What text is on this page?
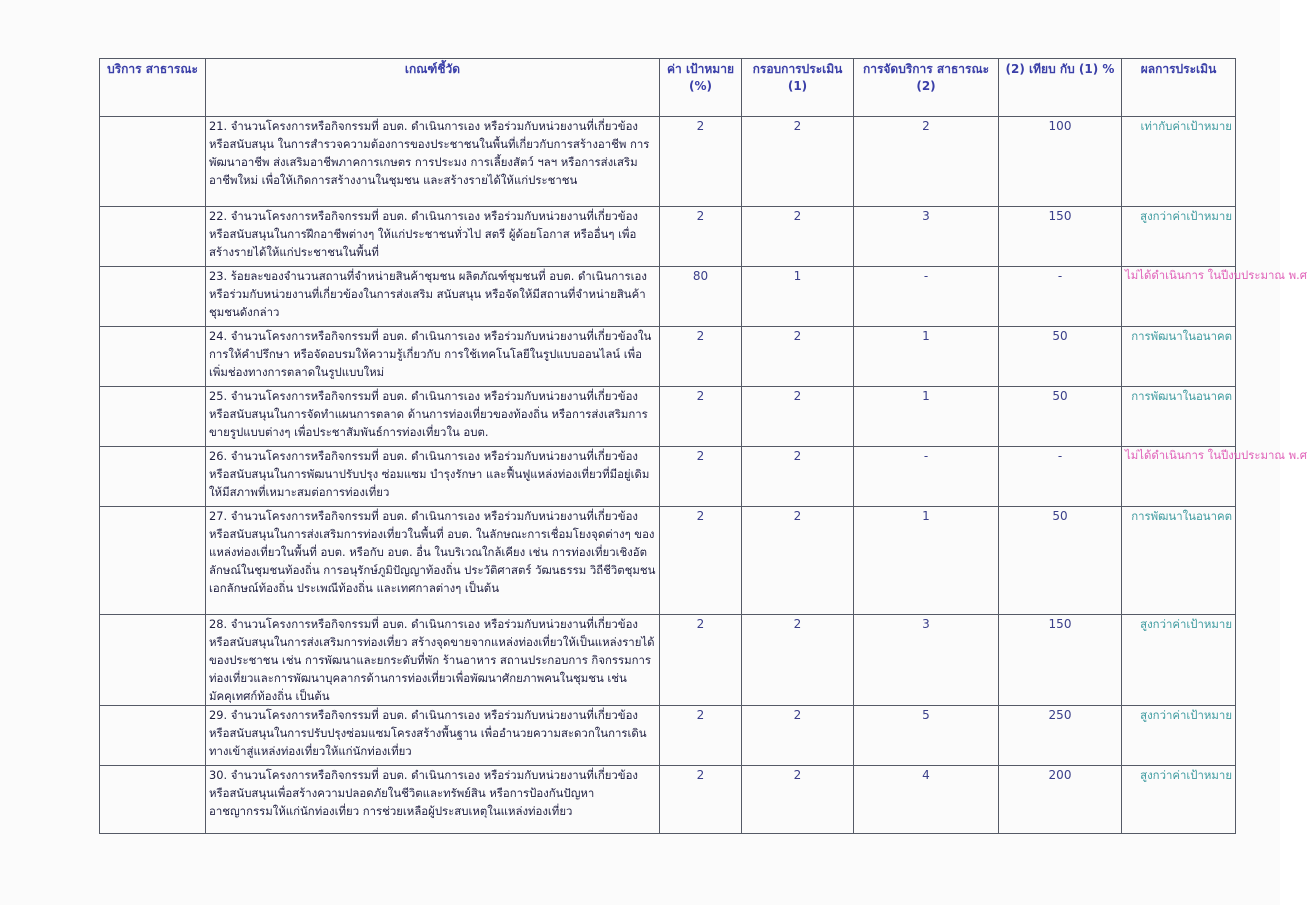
บริการ สาธารณะ	เกณฑ์ชี้วัด	ค่า เป้าหมาย (%)	กรอบการประเมิน (1)	การจัดบริการ สาธารณะ (2)	(2) เทียบ กับ (1) %	ผลการประเมิน
	21. จำนวนโครงการหรือกิจกรรมที่ อบต. ดำเนินการเอง หรือร่วมกับหน่วยงานที่เกี่ยวข้อง หรือสนับสนุน ในการสำรวจความต้องการของประชาชนในพื้นที่เกี่ยวกับการสร้างอาชีพ การพัฒนาอาชีพ ส่งเสริมอาชีพภาคการเกษตร การประมง การเลี้ยงสัตว์ ฯลฯ หรือการส่งเสริมอาชีพใหม่ เพื่อให้เกิดการสร้างงานในชุมชน และสร้างรายได้ให้แก่ประชาชน	2	2	2	100	เท่ากับค่าเป้าหมาย
	22. จำนวนโครงการหรือกิจกรรมที่ อบต. ดำเนินการเอง หรือร่วมกับหน่วยงานที่เกี่ยวข้อง หรือสนับสนุนในการฝึกอาชีพต่างๆ ให้แก่ประชาชนทั่วไป สตรี ผู้ด้อยโอกาส หรืออื่นๆ เพื่อสร้างรายได้ให้แก่ประชาชนในพื้นที่	2	2	3	150	สูงกว่าค่าเป้าหมาย
	23. ร้อยละของจำนวนสถานที่จำหน่ายสินค้าชุมชน ผลิตภัณฑ์ชุมชนที่ อบต. ดำเนินการเอง หรือร่วมกับหน่วยงานที่เกี่ยวข้องในการส่งเสริม สนับสนุน หรือจัดให้มีสถานที่จำหน่ายสินค้าชุมชนดังกล่าว	80	1	-	-	ไม่ได้ดำเนินการ ในปีงบประมาณ พ.ศ
	24. จำนวนโครงการหรือกิจกรรมที่ อบต. ดำเนินการเอง หรือร่วมกับหน่วยงานที่เกี่ยวข้องในการให้คำปรึกษา หรือจัดอบรมให้ความรู้เกี่ยวกับ การใช้เทคโนโลยีในรูปแบบออนไลน์ เพื่อเพิ่มช่องทางการตลาดในรูปแบบใหม่	2	2	1	50	การพัฒนาในอนาคต
	25. จำนวนโครงการหรือกิจกรรมที่ อบต. ดำเนินการเอง หรือร่วมกับหน่วยงานที่เกี่ยวข้อง หรือสนับสนุนในการจัดทำแผนการตลาด ด้านการท่องเที่ยวของท้องถิ่น หรือการส่งเสริมการขายรูปแบบต่างๆ เพื่อประชาสัมพันธ์การท่องเที่ยวใน อบต.	2	2	1	50	การพัฒนาในอนาคต
	26. จำนวนโครงการหรือกิจกรรมที่ อบต. ดำเนินการเอง หรือร่วมกับหน่วยงานที่เกี่ยวข้อง หรือสนับสนุนในการพัฒนาปรับปรุง ซ่อมแซม บำรุงรักษา และฟื้นฟูแหล่งท่องเที่ยวที่มีอยู่เดิมให้มีสภาพที่เหมาะสมต่อการท่องเที่ยว	2	2	-	-	ไม่ได้ดำเนินการ ในปีงบประมาณ พ.ศ
	27. จำนวนโครงการหรือกิจกรรมที่ อบต. ดำเนินการเอง หรือร่วมกับหน่วยงานที่เกี่ยวข้อง หรือสนับสนุนในการส่งเสริมการท่องเที่ยวในพื้นที่ อบต. ในลักษณะการเชื่อมโยงจุดต่างๆ ของแหล่งท่องเที่ยวในพื้นที่ อบต. หรือกับ อบต. อื่น ในบริเวณใกล้เคียง เช่น การท่องเที่ยวเชิงอัตลักษณ์ในชุมชนท้องถิ่น การอนุรักษ์ภูมิปัญญาท้องถิ่น ประวัติศาสตร์ วัฒนธรรม วิถีชีวิตชุมชน เอกลักษณ์ท้องถิ่น ประเพณีท้องถิ่น และเทศกาลต่างๆ เป็นต้น	2	2	1	50	การพัฒนาในอนาคต
	28. จำนวนโครงการหรือกิจกรรมที่ อบต. ดำเนินการเอง หรือร่วมกับหน่วยงานที่เกี่ยวข้อง หรือสนับสนุนในการส่งเสริมการท่องเที่ยว สร้างจุดขายจากแหล่งท่องเที่ยวให้เป็นแหล่งรายได้ของประชาชน เช่น การพัฒนาและยกระดับที่พัก ร้านอาหาร สถานประกอบการ กิจกรรมการท่องเที่ยวและการพัฒนาบุคลากรด้านการท่องเที่ยวเพื่อพัฒนาศักยภาพคนในชุมชน เช่น มัคคุเทศก์ท้องถิ่น เป็นต้น	2	2	3	150	สูงกว่าค่าเป้าหมาย
	29. จำนวนโครงการหรือกิจกรรมที่ อบต. ดำเนินการเอง หรือร่วมกับหน่วยงานที่เกี่ยวข้อง หรือสนับสนุนในการปรับปรุงซ่อมแซมโครงสร้างพื้นฐาน เพื่ออำนวยความสะดวกในการเดินทางเข้าสู่แหล่งท่องเที่ยวให้แก่นักท่องเที่ยว	2	2	5	250	สูงกว่าค่าเป้าหมาย
	30. จำนวนโครงการหรือกิจกรรมที่ อบต. ดำเนินการเอง หรือร่วมกับหน่วยงานที่เกี่ยวข้อง หรือสนับสนุนเพื่อสร้างความปลอดภัยในชีวิตและทรัพย์สิน หรือการป้องกันปัญหาอาชญากรรมให้แก่นักท่องเที่ยว การช่วยเหลือผู้ประสบเหตุในแหล่งท่องเที่ยว	2	2	4	200	สูงกว่าค่าเป้าหมาย
